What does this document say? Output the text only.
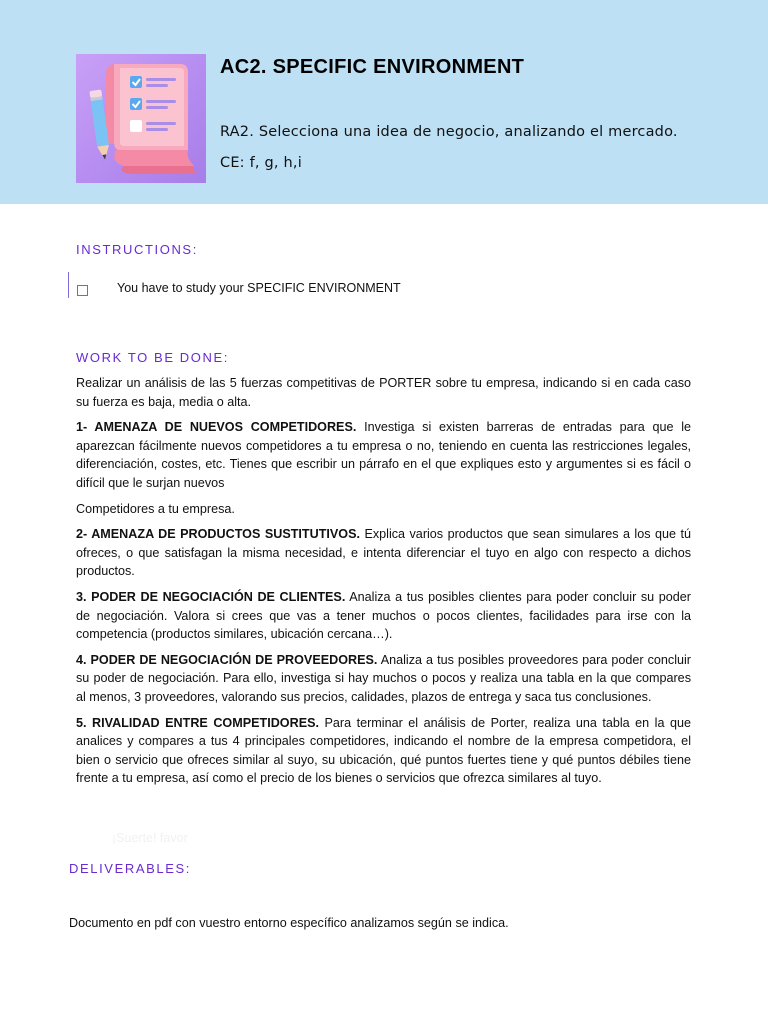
AC2. SPECIFIC ENVIRONMENT
RA2. Selecciona una idea de negocio, analizando el mercado.
CE: f, g, h,i
INSTRUCTIONS:
You have to study your SPECIFIC ENVIRONMENT
WORK TO BE DONE:

Realizar un análisis de las 5 fuerzas competitivas de PORTER sobre tu empresa, indicando si en cada caso su fuerza es baja, media o alta.

1- AMENAZA DE NUEVOS COMPETIDORES. Investiga si existen barreras de entradas para que le aparezcan fácilmente nuevos competidores a tu empresa o no, teniendo en cuenta las restricciones legales, diferenciación, costes, etc. Tienes que escribir un párrafo en el que expliques esto y argumentes si es fácil o difícil que le surjan nuevos

Competidores a tu empresa.

2- AMENAZA DE PRODUCTOS SUSTITUTIVOS. Explica varios productos que sean simulares a los que tú ofreces, o que satisfagan la misma necesidad, e intenta diferenciar el tuyo en algo con respecto a dichos productos.

3. PODER DE NEGOCIACIÓN DE CLIENTES. Analiza a tus posibles clientes para poder concluir su poder de negociación. Valora si crees que vas a tener muchos o pocos clientes, facilidades para irse con la competencia (productos similares, ubicación cercana…).

4. PODER DE NEGOCIACIÓN DE PROVEEDORES. Analiza a tus posibles proveedores para poder concluir su poder de negociación. Para ello, investiga si hay muchos o pocos y realiza una tabla en la que compares al menos, 3 proveedores, valorando sus precios, calidades, plazos de entrega y saca tus conclusiones.

5. RIVALIDAD ENTRE COMPETIDORES. Para terminar el análisis de Porter, realiza una tabla en la que analices y compares a tus 4 principales competidores, indicando el nombre de la empresa competidora, el bien o servicio que ofreces similar al suyo, su ubicación, qué puntos fuertes tiene y qué puntos débiles tiene frente a tu empresa, así como el precio de los bienes o servicios que ofrezca similares al tuyo.

¡Suerte! favor
DELIVERABLES:
Documento en pdf con vuestro entorno específico analizamos según se indica.
